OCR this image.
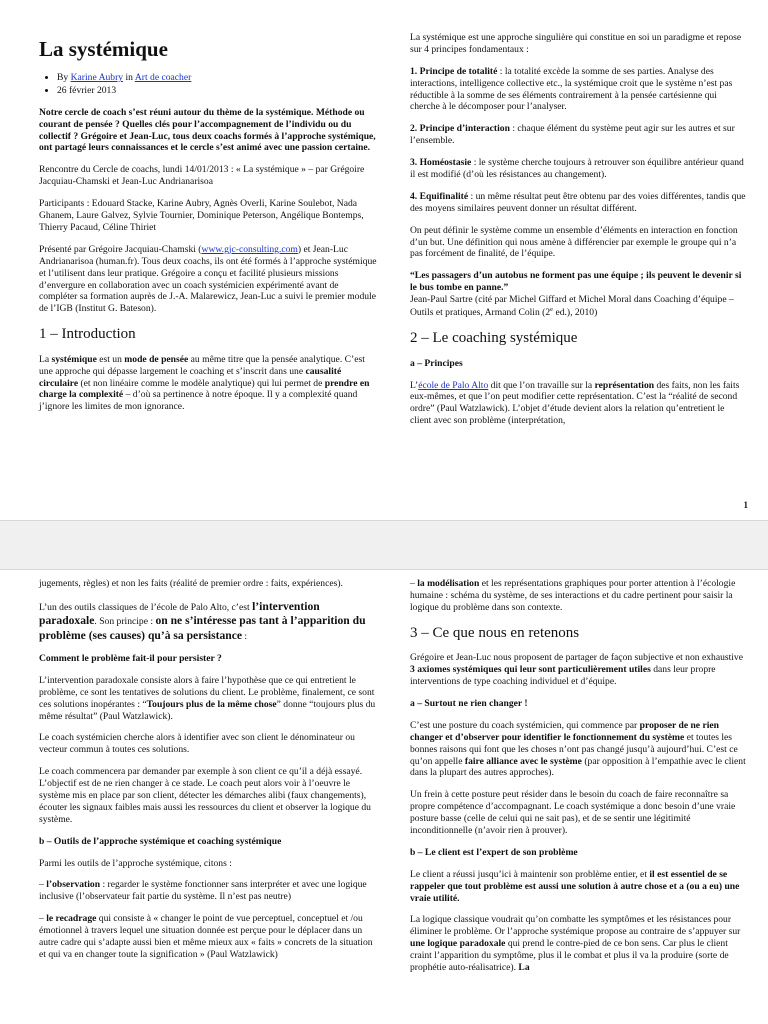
La systémique
• By Karine Aubry in Art de coacher
• 26 février 2013

Notre cercle de coach s’est réuni autour du thème de la systémique. Méthode ou courant de pensée ? Quelles clés pour l’accompagnement de l’individu ou du collectif ? Grégoire et Jean-Luc, tous deux coachs formés à l’approche systémique, ont partagé leurs connaissances et le cercle s’est animé avec une passion certaine.

Rencontre du Cercle de coachs, lundi 14/01/2013 : « La systémique » – par Grégoire Jacquiau-Chamski et Jean-Luc Andrianarisoa

Participants : Edouard Stacke, Karine Aubry, Agnès Overli, Karine Soulebot, Nada Ghanem, Laure Galvez, Sylvie Tournier, Dominique Peterson, Angélique Bontemps, Thierry Pacaud, Céline Thiriet

Présenté par Grégoire Jacquiau-Chamski (www.gjc-consulting.com) et Jean-Luc Andrianarisoa (human.fr). Tous deux coachs, ils ont été formés à l’approche systémique et l’utilisent dans leur pratique. Grégoire a conçu et facilité plusieurs missions d’envergure en collaboration avec un coach systémicien expérimenté avant de compléter sa formation auprès de J.-A. Malarewicz, Jean-Luc a suivi le premier module de l’IGB (Institut G. Bateson).

1 – Introduction

La systémique est un mode de pensée au même titre que la pensée analytique. C’est une approche qui dépasse largement le coaching et s’inscrit dans une causalité circulaire (et non linéaire comme le modèle analytique) qui lui permet de prendre en charge la complexité – d’où sa pertinence à notre époque. Il y a complexité quand j’ignore les limites de mon ignorance.

La systémique est une approche singulière qui constitue en soi un paradigme et repose sur 4 principes fondamentaux :

1. Principe de totalité : la totalité excède la somme de ses parties. Analyse des interactions, intelligence collective etc., la systémique croit que le système n’est pas réductible à la somme de ses éléments contrairement à la pensée cartésienne qui cherche à le décomposer pour l’analyser.

2. Principe d’interaction : chaque élément du système peut agir sur les autres et sur l’ensemble.

3. Homéostasie : le système cherche toujours à retrouver son équilibre antérieur quand il est modifié (d’où les résistances au changement).

4. Equifinalité : un même résultat peut être obtenu par des voies différentes, tandis que des moyens similaires peuvent donner un résultat différent.

On peut définir le système comme un ensemble d’éléments en interaction en fonction d’un but. Une définition qui nous amène à différencier par exemple le groupe qui n’a pas forcément de finalité, de l’équipe.

“Les passagers d’un autobus ne forment pas une équipe ; ils peuvent le devenir si le bus tombe en panne.”

Jean-Paul Sartre (cité par Michel Giffard et Michel Moral dans Coaching d’équipe – Outils et pratiques, Armand Colin (2e ed.), 2010)

2 – Le coaching systémique

a – Principes

L’école de Palo Alto dit que l’on travaille sur la représentation des faits, non les faits eux-mêmes, et que l’on peut modifier cette représentation. C’est la “réalité de second ordre” (Paul Watzlawick). L’objet d’étude devient alors la relation qu’entretient le client avec son problème (interprétation,

1

jugements, règles) et non les faits (réalité de premier ordre : faits, expériences).

L’un des outils classiques de l’école de Palo Alto, c’est l’intervention paradoxale. Son principe : on ne s’intéresse pas tant à l’apparition du problème (ses causes) qu’à sa persistance :

Comment le problème fait-il pour persister ?

L’intervention paradoxale consiste alors à faire l’hypothèse que ce qui entretient le problème, ce sont les tentatives de solutions du client. Le problème, finalement, ce sont ces solutions inopérantes : “Toujours plus de la même chose” donne “toujours plus du même résultat” (Paul Watzlawick).

Le coach systémicien cherche alors à identifier avec son client le dénominateur ou vecteur commun à toutes ces solutions.

Le coach commencera par demander par exemple à son client ce qu’il a déjà essayé. L’objectif est de ne rien changer à ce stade. Le coach peut alors voir à l’oeuvre le système mis en place par son client, détecter les démarches alibi (faux changements), écouter les signaux faibles mais aussi les ressources du client et observer la logique du système.

b – Outils de l’approche systémique et coaching systémique

Parmi les outils de l’approche systémique, citons :

– l’observation : regarder le système fonctionner sans interpréter et avec une logique inclusive (l’observateur fait partie du système. Il n’est pas neutre)

– le recadrage qui consiste à « changer le point de vue perceptuel, conceptuel et /ou émotionnel à travers lequel une situation donnée est perçue pour le déplacer dans un autre cadre qui s’adapte aussi bien et même mieux aux « faits » concrets de la situation et qui va en changer toute la signification » (Paul Watzlawick)

– la modélisation et les représentations graphiques pour porter attention à l’écologie humaine : schéma du système, de ses interactions et du cadre pertinent pour saisir la logique du problème dans son contexte.

3 – Ce que nous en retenons

Grégoire et Jean-Luc nous proposent de partager de façon subjective et non exhaustive 3 axiomes systémiques qui leur sont particulièrement utiles dans leur propre interventions de type coaching individuel et d’équipe.

a – Surtout ne rien changer !

C’est une posture du coach systémicien, qui commence par proposer de ne rien changer et d’observer pour identifier le fonctionnement du système et toutes les bonnes raisons qui font que les choses n’ont pas changé jusqu’à aujourd’hui. C’est ce qu’on appelle faire alliance avec le système (par opposition à l’empathie avec le client dans la plupart des autres approches).

Un frein à cette posture peut résider dans le besoin du coach de faire reconnaître sa propre compétence d’accompagnant. Le coach systémique a donc besoin d’une vraie posture basse (celle de celui qui ne sait pas), et de se sentir une légitimité inconditionnelle (n’avoir rien à prouver).

b – Le client est l’expert de son problème

Le client a réussi jusqu’ici à maintenir son problème entier, et il est essentiel de se rappeler que tout problème est aussi une solution à autre chose et a (ou a eu) une vraie utilité.

La logique classique voudrait qu’on combatte les symptômes et les résistances pour éliminer le problème. Or l’approche systémique propose au contraire de s’appuyer sur une logique paradoxale qui prend le contre-pied de ce bon sens. Car plus le client craint l’apparition du symptôme, plus il le combat et plus il va la produire (sorte de prophétie auto-réalisatrice). La
